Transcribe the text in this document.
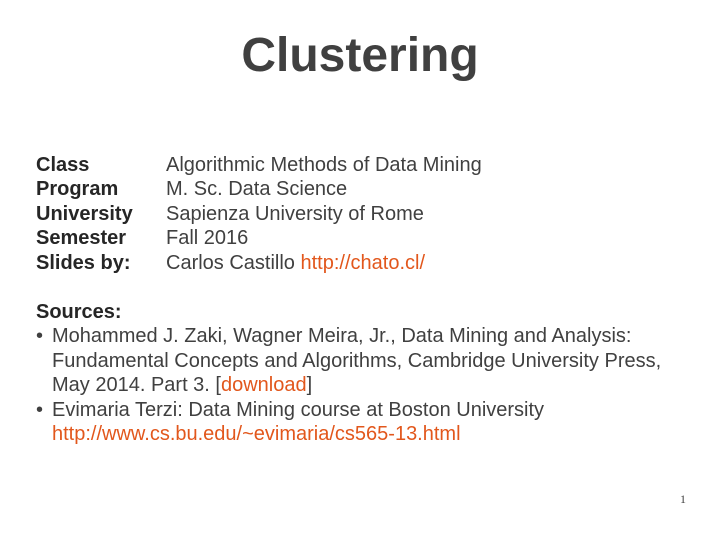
Clustering
Class	Algorithmic Methods of Data Mining
Program	M. Sc. Data Science
University	Sapienza University of Rome
Semester	Fall 2016
Slides by:	Carlos Castillo http://chato.cl/
Sources:
• Mohammed J. Zaki, Wagner Meira, Jr., Data Mining and Analysis: Fundamental Concepts and Algorithms, Cambridge University Press, May 2014. Part 3. [download]
• Evimaria Terzi: Data Mining course at Boston University
http://www.cs.bu.edu/~evimaria/cs565-13.html
1
